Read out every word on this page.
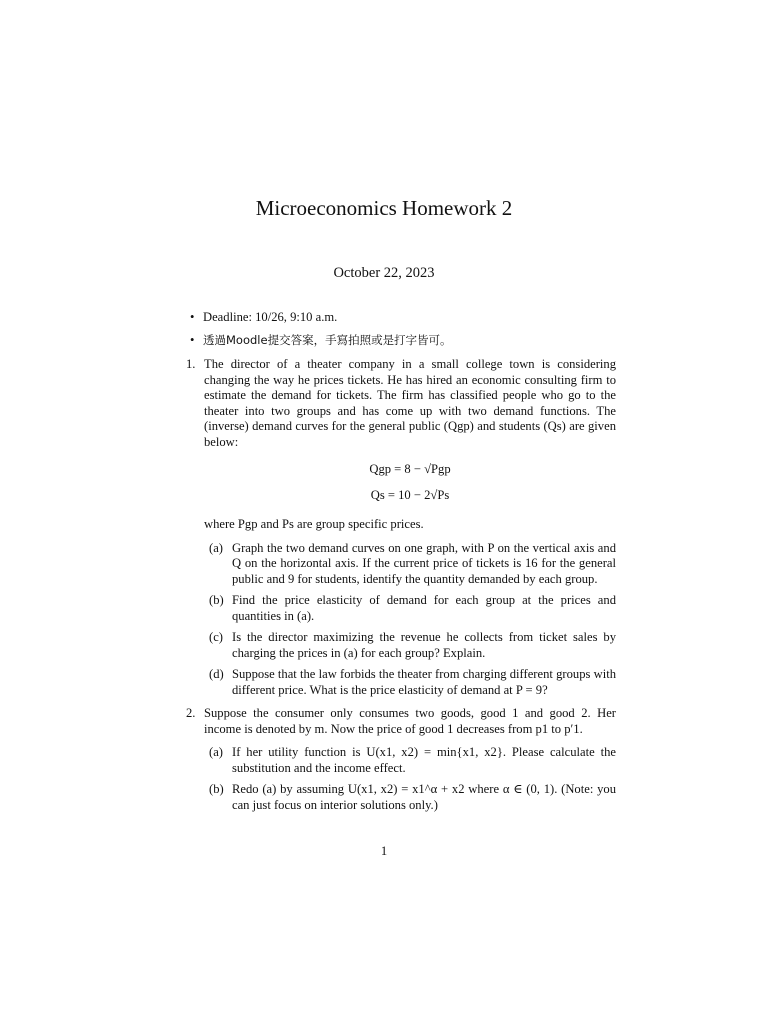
Microeconomics Homework 2
October 22, 2023
• Deadline: 10/26, 9:10 a.m.
• 透過Moodle提交答案，手寫拍照或是打字皆可。
1. The director of a theater company in a small college town is considering changing the way he prices tickets. He has hired an economic consulting firm to estimate the demand for tickets. The firm has classified people who go to the theater into two groups and has come up with two demand functions. The (inverse) demand curves for the general public (Qgp) and students (Qs) are given below:
Qgp = 8 − √Pgp
Qs = 10 − 2√Ps
where Pgp and Ps are group specific prices.
(a) Graph the two demand curves on one graph, with P on the vertical axis and Q on the horizontal axis. If the current price of tickets is 16 for the general public and 9 for students, identify the quantity demanded by each group.
(b) Find the price elasticity of demand for each group at the prices and quantities in (a).
(c) Is the director maximizing the revenue he collects from ticket sales by charging the prices in (a) for each group? Explain.
(d) Suppose that the law forbids the theater from charging different groups with different price. What is the price elasticity of demand at P = 9?
2. Suppose the consumer only consumes two goods, good 1 and good 2. Her income is denoted by m. Now the price of good 1 decreases from p1 to p′1.
(a) If her utility function is U(x1, x2) = min{x1, x2}. Please calculate the substitution and the income effect.
(b) Redo (a) by assuming U(x1, x2) = x1^α + x2 where α ∈ (0, 1). (Note: you can just focus on interior solutions only.)
1
